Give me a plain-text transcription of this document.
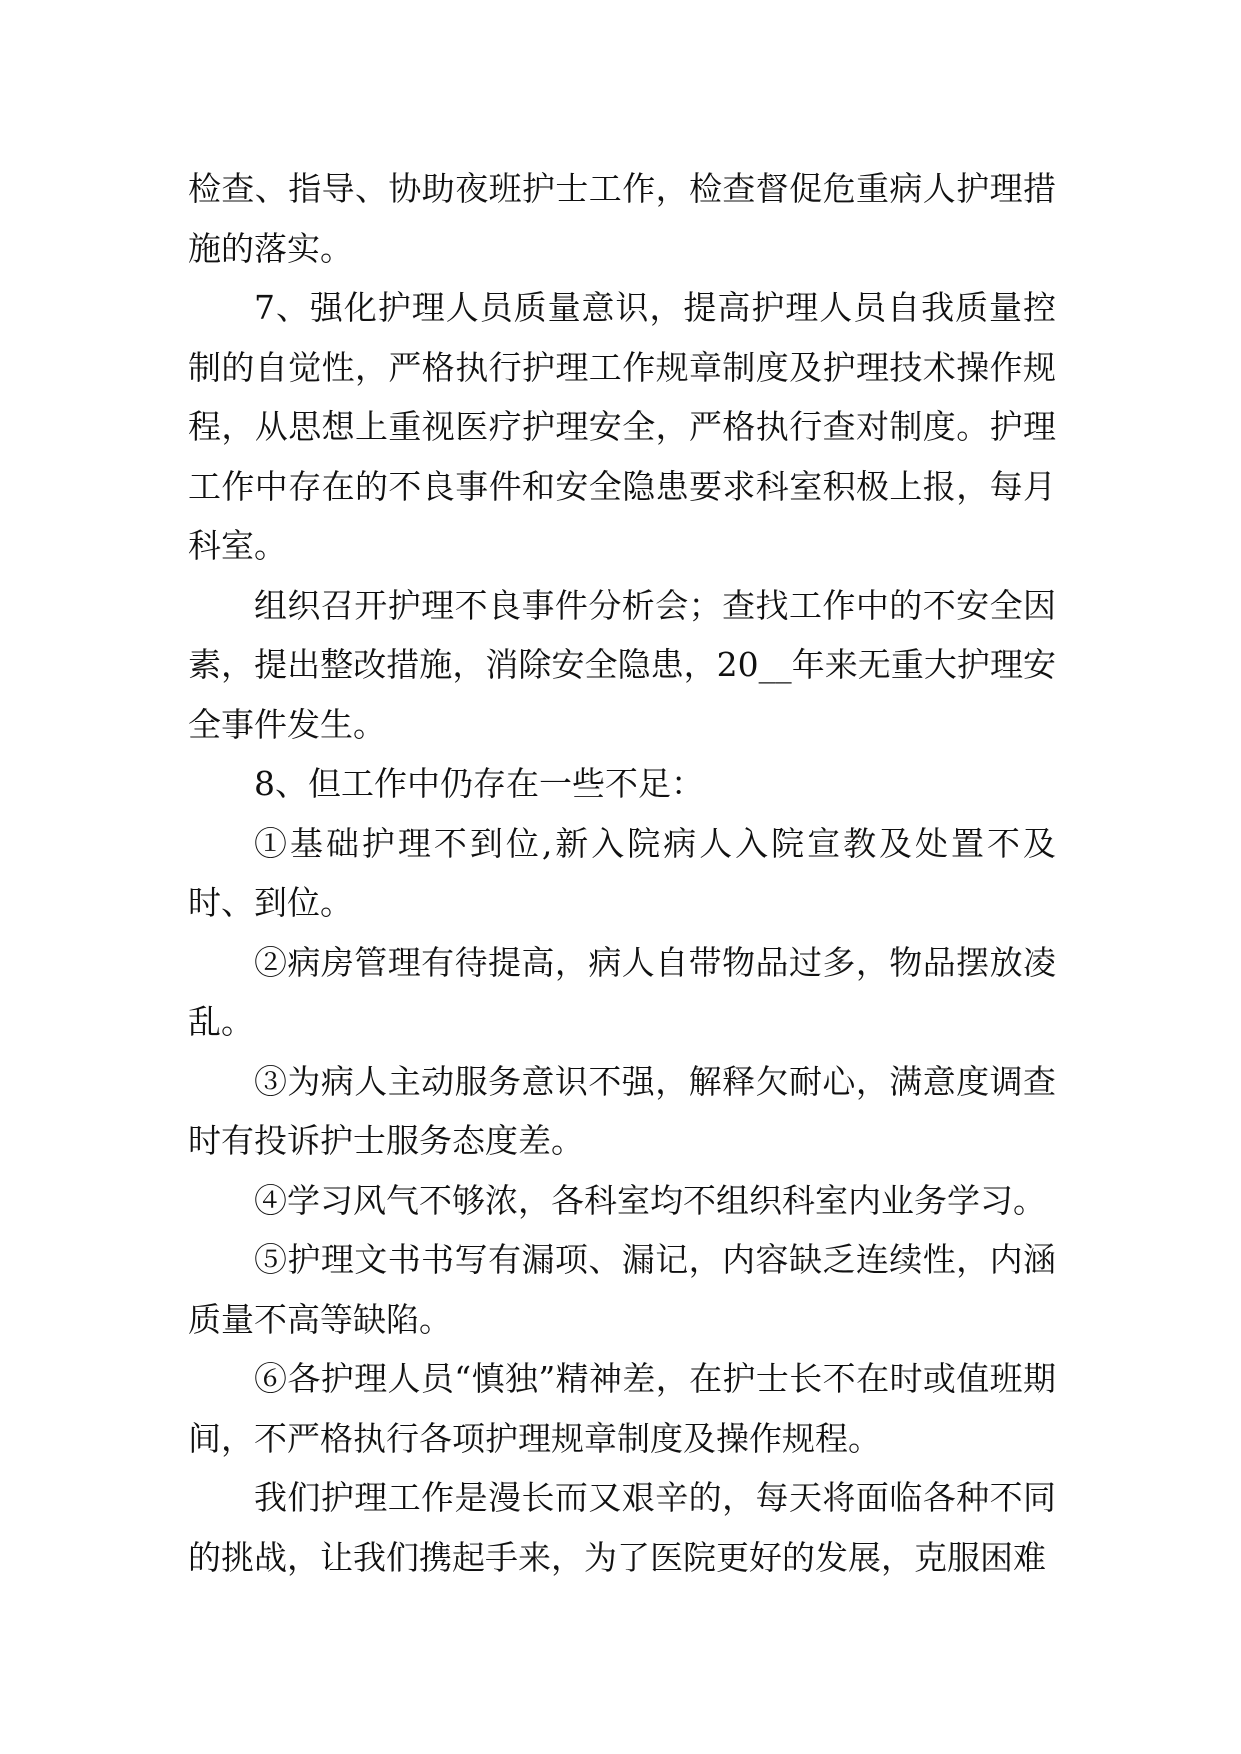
检查、指导、协助夜班护士工作，检查督促危重病人护理措施的落实。

7、强化护理人员质量意识，提高护理人员自我质量控制的自觉性，严格执行护理工作规章制度及护理技术操作规程，从思想上重视医疗护理安全，严格执行查对制度。护理工作中存在的不良事件和安全隐患要求科室积极上报，每月科室。

组织召开护理不良事件分析会；查找工作中的不安全因素，提出整改措施，消除安全隐患，20__年来无重大护理安全事件发生。

8、但工作中仍存在一些不足：

①基础护理不到位,新入院病人入院宣教及处置不及时、到位。

②病房管理有待提高，病人自带物品过多，物品摆放凌乱。

③为病人主动服务意识不强，解释欠耐心，满意度调查时有投诉护士服务态度差。

④学习风气不够浓，各科室均不组织科室内业务学习。

⑤护理文书书写有漏项、漏记，内容缺乏连续性，内涵质量不高等缺陷。

⑥各护理人员“慎独”精神差，在护士长不在时或值班期间，不严格执行各项护理规章制度及操作规程。

我们护理工作是漫长而又艰辛的，每天将面临各种不同的挑战，让我们携起手来，为了医院更好的发展，克服困难
